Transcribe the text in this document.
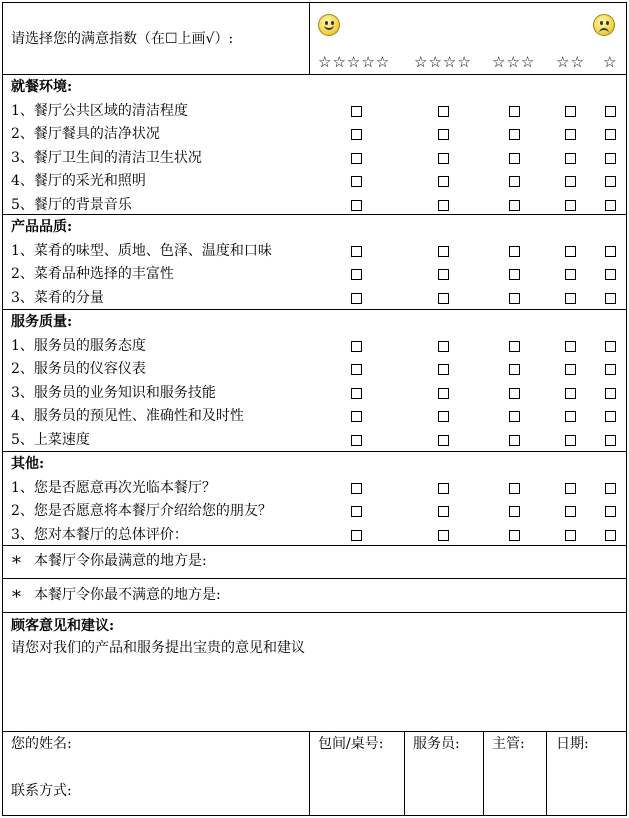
请选择您的满意指数（在☐上画√）:
☆☆☆☆☆ ☆☆☆☆ ☆☆☆ ☆☆ ☆
就餐环境:
1、餐厅公共区域的清洁程度
2、餐厅餐具的洁净状况
3、餐厅卫生间的清洁卫生状况
4、餐厅的采光和照明
5、餐厅的背景音乐
产品品质:
1、菜肴的味型、质地、色泽、温度和口味
2、菜肴品种选择的丰富性
3、菜肴的分量
服务质量:
1、服务员的服务态度
2、服务员的仪容仪表
3、服务员的业务知识和服务技能
4、服务员的预见性、准确性和及时性
5、上菜速度
其他:
1、您是否愿意再次光临本餐厅？
2、您是否愿意将本餐厅介绍给您的朋友？
3、您对本餐厅的总体评价：
* 本餐厅令你最满意的地方是:
* 本餐厅令你最不满意的地方是:
顾客意见和建议:
请您对我们的产品和服务提出宝贵的意见和建议
您的姓名:
联系方式:
包间/桌号: 服务员: 主管: 日期:
